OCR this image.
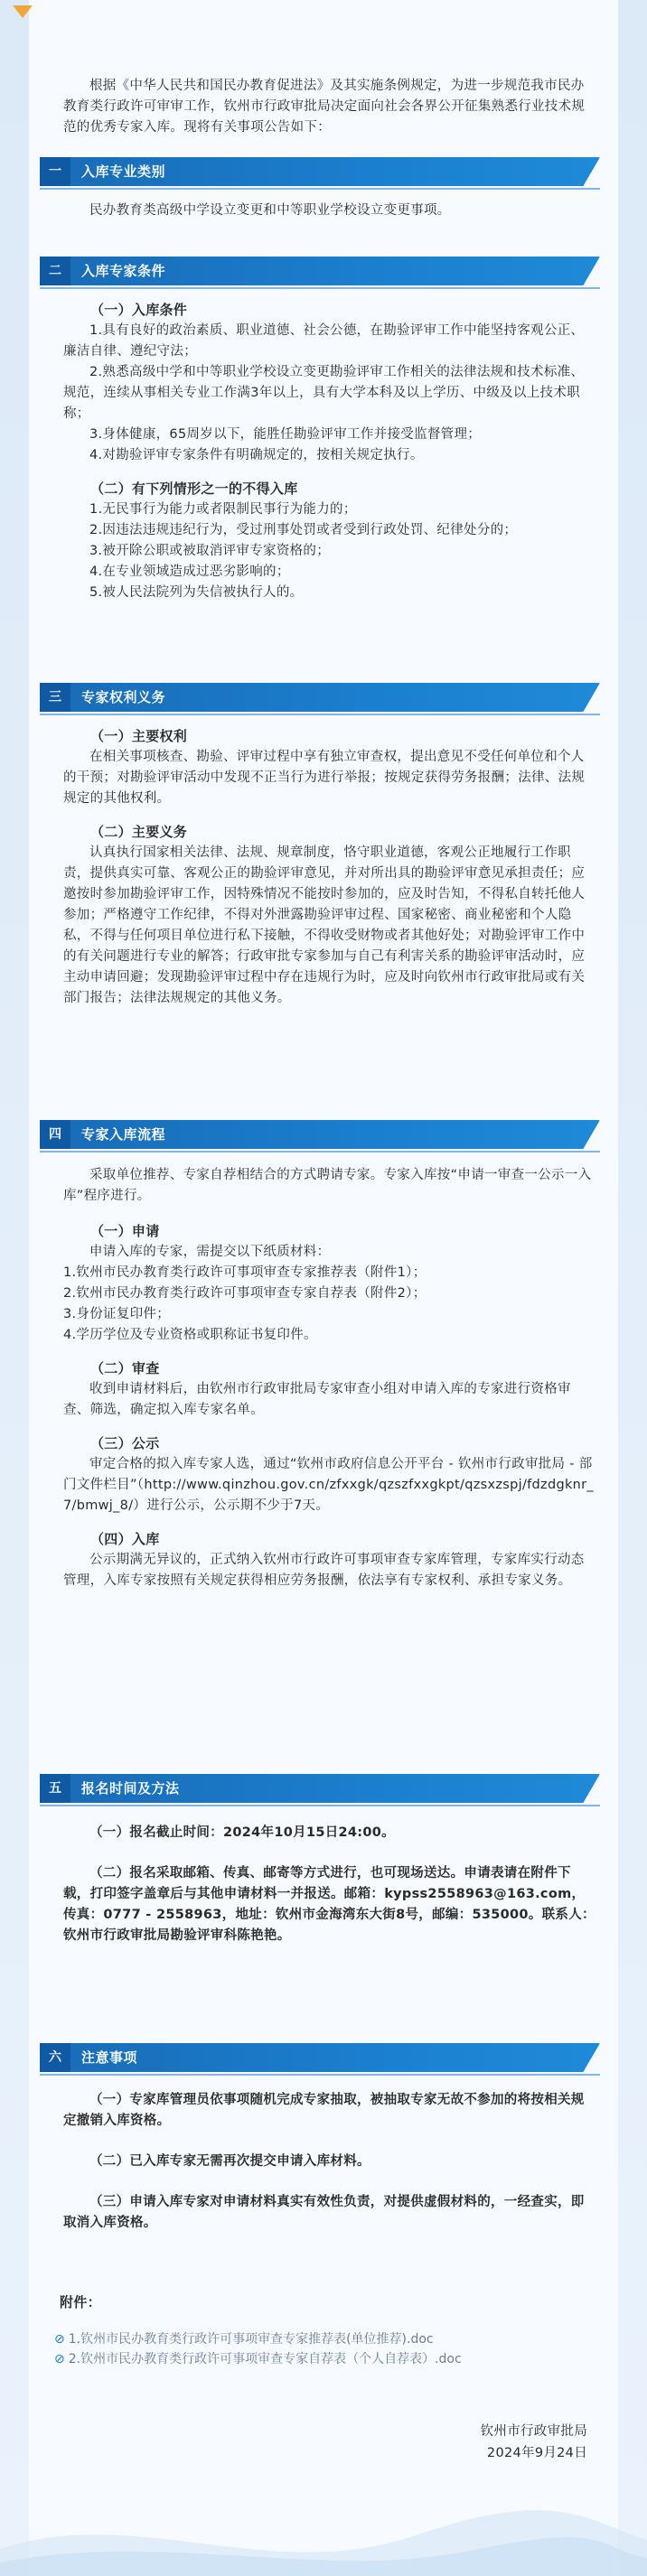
根据《中华人民共和国民办教育促进法》及其实施条例规定，为进一步规范我市民办教育类行政许可审审工作，钦州市行政审批局决定面向社会各界公开征集熟悉行业技术规范的优秀专家入库。现将有关事项公告如下：

一	入库专业类别

民办教育类高级中学设立变更和中等职业学校设立变更事项。

二	入库专家条件

（一）入库条件

1.具有良好的政治素质、职业道德、社会公德，在勘验评审工作中能坚持客观公正、廉洁自律、遵纪守法；

2.熟悉高级中学和中等职业学校设立变更勘验评审工作相关的法律法规和技术标准、规范，连续从事相关专业工作满3年以上，具有大学本科及以上学历、中级及以上技术职称；

3.身体健康，65周岁以下，能胜任勘验评审工作并接受监督管理；

4.对勘验评审专家条件有明确规定的，按相关规定执行。

（二）有下列情形之一的不得入库

1.无民事行为能力或者限制民事行为能力的；

2.因违法违规违纪行为，受过刑事处罚或者受到行政处罚、纪律处分的；

3.被开除公职或被取消评审专家资格的；

4.在专业领域造成过恶劣影响的；

5.被人民法院列为失信被执行人的。

三	专家权利义务

（一）主要权利

在相关事项核查、勘验、评审过程中享有独立审查权，提出意见不受任何单位和个人的干预；对勘验评审活动中发现不正当行为进行举报；按规定获得劳务报酬；法律、法规规定的其他权利。

（二）主要义务

认真执行国家相关法律、法规、规章制度，恪守职业道德，客观公正地履行工作职责，提供真实可靠、客观公正的勘验评审意见，并对所出具的勘验评审意见承担责任；应邀按时参加勘验评审工作，因特殊情况不能按时参加的，应及时告知，不得私自转托他人参加；严格遵守工作纪律，不得对外泄露勘验评审过程、国家秘密、商业秘密和个人隐私，不得与任何项目单位进行私下接触，不得收受财物或者其他好处；对勘验评审工作中的有关问题进行专业的解答；行政审批专家参加与自己有利害关系的勘验评审活动时，应主动申请回避；发现勘验评审过程中存在违规行为时，应及时向钦州市行政审批局或有关部门报告；法律法规规定的其他义务。

四	专家入库流程

采取单位推荐、专家自荐相结合的方式聘请专家。专家入库按“申请一审查一公示一入库”程序进行。

（一）申请

申请入库的专家，需提交以下纸质材料：

1.钦州市民办教育类行政许可事项审查专家推荐表（附件1）；

2.钦州市民办教育类行政许可事项审查专家自荐表（附件2）；

3.身份证复印件；

4.学历学位及专业资格或职称证书复印件。

（二）审查

收到申请材料后，由钦州市行政审批局专家审查小组对申请入库的专家进行资格审查、筛选，确定拟入库专家名单。

（三）公示

审定合格的拟入库专家人选，通过“钦州市政府信息公开平台 - 钦州市行政审批局 - 部门文件栏目”（http://www.qinzhou.gov.cn/zfxxgk/qzszfxxgkpt/qzsxzspj/fdzdgknr_7/bmwj_8/）进行公示，公示期不少于7天。

（四）入库

公示期满无异议的，正式纳入钦州市行政许可事项审查专家库管理，专家库实行动态管理，入库专家按照有关规定获得相应劳务报酬，依法享有专家权利、承担专家义务。

五	报名时间及方法

（一）报名截止时间：2024年10月15日24:00。

（二）报名采取邮箱、传真、邮寄等方式进行，也可现场送达。申请表请在附件下载，打印签字盖章后与其他申请材料一并报送。邮箱：kypss2558963@163.com，传真：0777 - 2558963，地址：钦州市金海湾东大街8号，邮编：535000。联系人：钦州市行政审批局勘验评审科陈艳艳。

六	注意事项

（一）专家库管理员依事项随机完成专家抽取，被抽取专家无故不参加的将按相关规定撤销入库资格。

（二）已入库专家无需再次提交申请入库材料。

（三）申请入库专家对申请材料真实有效性负责，对提供虚假材料的，一经查实，即取消入库资格。

附件：

⊘ 1.钦州市民办教育类行政许可事项审查专家推荐表(单位推荐).doc
⊘ 2.钦州市民办教育类行政许可事项审查专家自荐表（个人自荐表）.doc

钦州市行政审批局

2024年9月24日
